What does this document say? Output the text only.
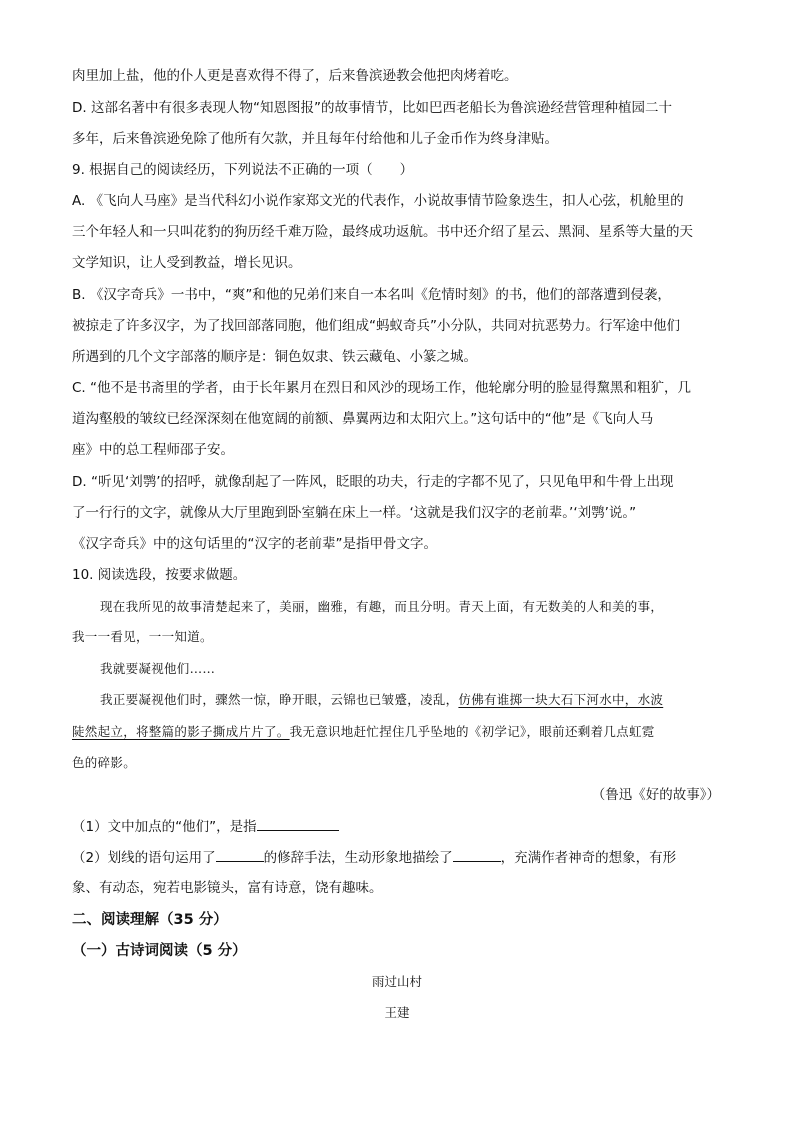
肉里加上盐，他的仆人更是喜欢得不得了，后来鲁滨逊教会他把肉烤着吃。
D. 这部名著中有很多表现人物“知恩图报”的故事情节，比如巴西老船长为鲁滨逊经营管理种植园二十
多年，后来鲁滨逊免除了他所有欠款，并且每年付给他和儿子金币作为终身津贴。
9. 根据自己的阅读经历，下列说法不正确的一项（　　）
A. 《飞向人马座》是当代科幻小说作家郑文光的代表作，小说故事情节险象迭生，扣人心弦，机舱里的
三个年轻人和一只叫花豹的狗历经千难万险，最终成功返航。书中还介绍了星云、黑洞、星系等大量的天
文学知识，让人受到教益，增长见识。
B. 《汉字奇兵》一书中，“爽”和他的兄弟们来自一本名叫《危情时刻》的书，他们的部落遭到侵袭，
被掠走了许多汉字，为了找回部落同胞，他们组成“蚂蚁奇兵”小分队，共同对抗恶势力。行军途中他们
所遇到的几个文字部落的顺序是：铜色奴隶、铁云藏龟、小篆之城。
C. “他不是书斋里的学者，由于长年累月在烈日和风沙的现场工作，他轮廓分明的脸显得黧黑和粗犷，几
道沟壑般的皱纹已经深深刻在他宽阔的前额、鼻翼两边和太阳穴上。”这句话中的“他”是《飞向人马
座》中的总工程师邵子安。
D. “听见‘刘鹗’的招呼，就像刮起了一阵风，眨眼的功夫，行走的字都不见了，只见龟甲和牛骨上出现
了一行行的文字，就像从大厅里跑到卧室躺在床上一样。‘这就是我们汉字的老前辈。’‘刘鹗’说。”
《汉字奇兵》中的这句话里的“汉字的老前辈”是指甲骨文字。
10. 阅读选段，按要求做题。
现在我所见的故事清楚起来了，美丽，幽雅，有趣，而且分明。青天上面，有无数美的人和美的事，
我一一看见，一一知道。
我就要凝视他们……
我正要凝视他们时，骤然一惊，睁开眼，云锦也已皱蹙，凌乱，仿佛有谁掷一块大石下河水中，水波
陡然起立，将整篇的影子撕成片片了。我无意识地赶忙捏住几乎坠地的《初学记》，眼前还剩着几点虹霓
色的碎影。
（鲁迅《好的故事》）
（1）文中加点的“他们”，是指
（2）划线的语句运用了	的修辞手法，生动形象地描绘了	，充满作者神奇的想象，有形
象、有动态，宛若电影镜头，富有诗意，饶有趣味。
二、阅读理解（35 分）
（一）古诗词阅读（5 分）
雨过山村
王建
